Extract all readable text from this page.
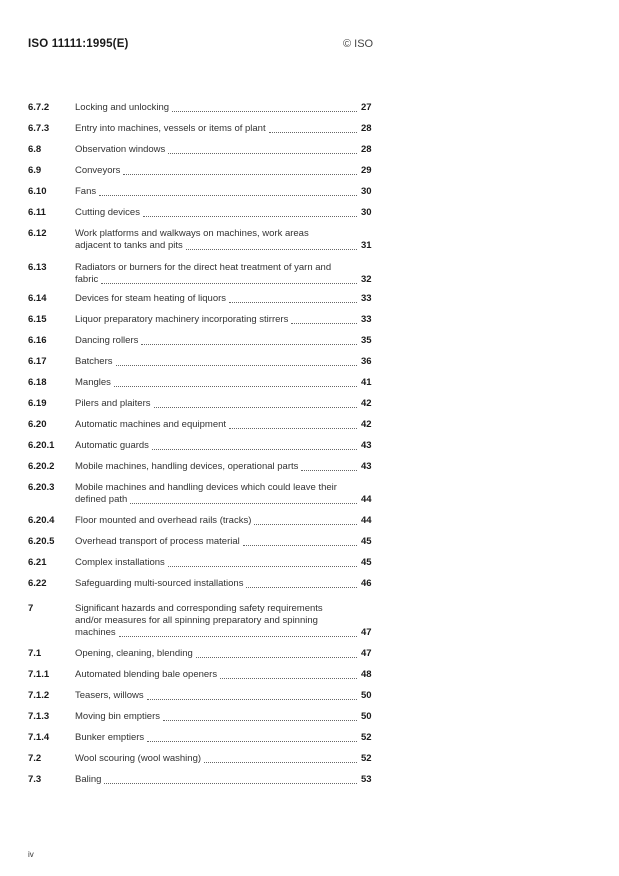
ISO 11111:1995(E)	© ISO
6.7.2	Locking and unlocking	27
6.7.3	Entry into machines, vessels or items of plant	28
6.8	Observation windows	28
6.9	Conveyors	29
6.10	Fans	30
6.11	Cutting devices	30
6.12	Work platforms and walkways on machines, work areas
adjacent to tanks and pits	31
6.13	Radiators or burners for the direct heat treatment of yarn and
fabric	32
6.14	Devices for steam heating of liquors	33
6.15	Liquor preparatory machinery incorporating stirrers	33
6.16	Dancing rollers	35
6.17	Batchers	36
6.18	Mangles	41
6.19	Pilers and plaiters	42
6.20	Automatic machines and equipment	42
6.20.1 Automatic guards	43
6.20.2 Mobile machines, handling devices, operational parts	43
6.20.3 Mobile machines and handling devices which could leave their
defined path	44
6.20.4 Floor mounted and overhead rails (tracks)	44
6.20.5 Overhead transport of process material	45
6.21	Complex installations	45
6.22	Safeguarding multi-sourced installations	46
7	Significant hazards and corresponding safety requirements
and/or measures for all spinning preparatory and spinning
machines	47
7.1	Opening, cleaning, blending	47
7.1.1	Automated blending bale openers	48
7.1.2	Teasers, willows	50
7.1.3	Moving bin emptiers	50
7.1.4	Bunker emptiers	52
7.2	Wool scouring (wool washing)	52
7.3	Baling	53
iv
